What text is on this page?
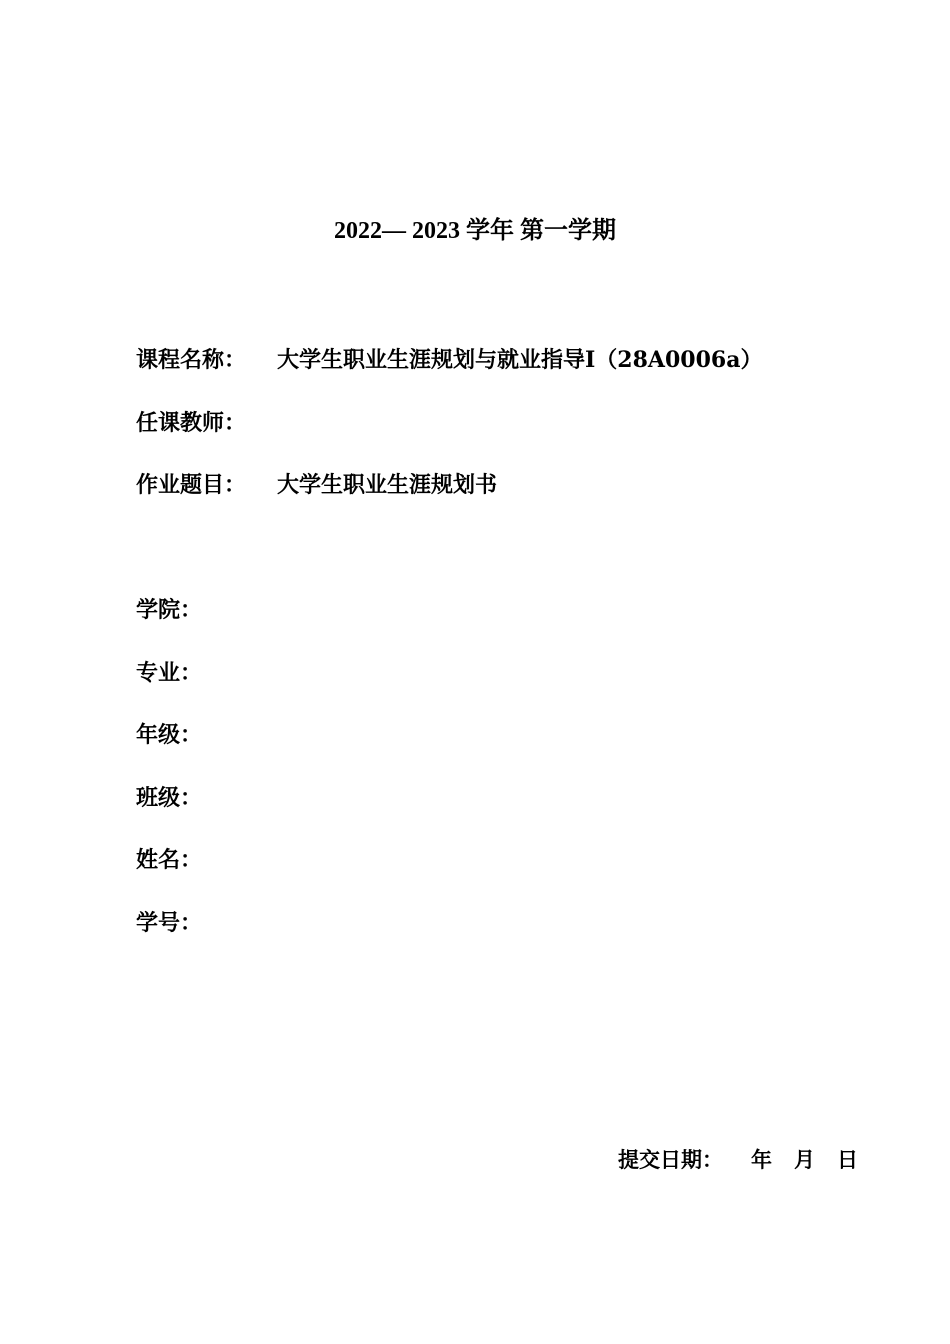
2022— 2023 学年 第一学期
课程名称： 大学生职业生涯规划与就业指导Ⅰ（28A0006a）
任课教师：
作业题目： 大学生职业生涯规划书
学院：
专业：
年级：
班级：
姓名：
学号：
提交日期： 年 月 日
